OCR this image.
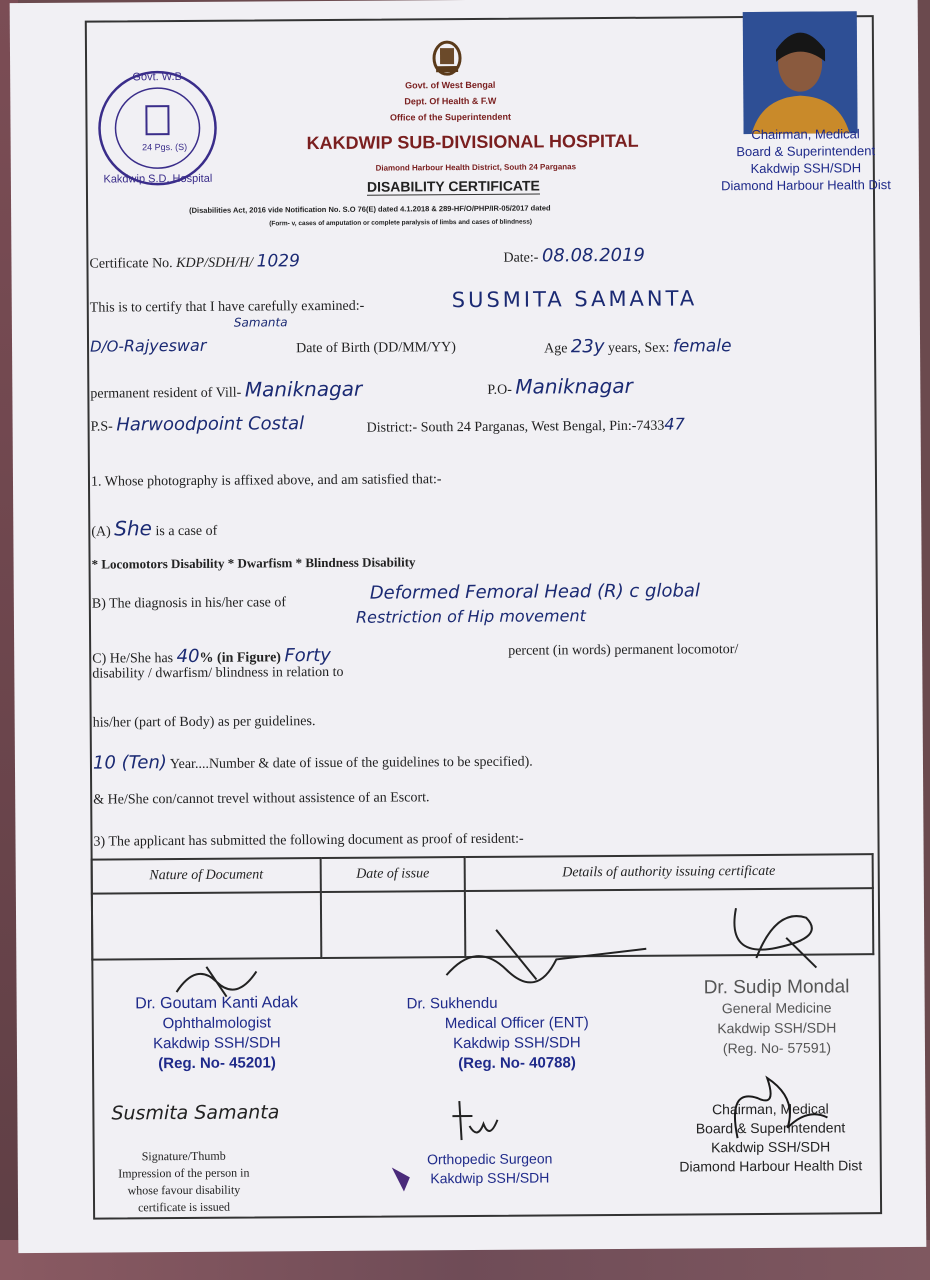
Govt. W.B
24 Pgs. (S)
Kakdwip S.D. Hospital
Govt. of West Bengal
Dept. Of Health & F.W
Office of the Superintendent
KAKDWIP SUB-DIVISIONAL HOSPITAL
Diamond Harbour Health District, South 24 Parganas
DISABILITY CERTIFICATE
(Disabilities Act, 2016 vide Notification No. S.O 76(E) dated 4.1.2018 & 289-HF/O/PHP/IR-05/2017 dated
(Form- v, cases of amputation or complete paralysis of limbs and cases of blindness)
Chairman, Medical
Board & Superintendent
Kakdwip SSH/SDH
Diamond Harbour Health Dist
Certificate No. KDP/SDH/H/ 1029	Date:- 08.08.2019
This is to certify that I have carefully examined:-	SUSMITA SAMANTA
Samanta
D/O-Rajyeswar	Date of Birth (DD/MM/YY)	Age 23y years, Sex: female
permanent resident of Vill- Maniknagar	P.O- Maniknagar
P.S- Harwoodpoint Costal	District:- South 24 Parganas, West Bengal, Pin:-743347
1. Whose photography is affixed above, and am satisfied that:-
(A) She is a case of
* Locomotors Disability * Dwarfism * Blindness Disability
B) The diagnosis in his/her case of	Deformed Femoral Head (R) c global
Restriction of Hip movement
C) He/She has 40% (in Figure) Forty	percent (in words) permanent locomotor/
disability / dwarfism/ blindness in relation to
his/her (part of Body) as per guidelines.
10 (Ten) Year....Number & date of issue of the guidelines to be specified).
& He/She con/cannot trevel without assistence of an Escort.
3) The applicant has submitted the following document as proof of resident:-
Nature of Document	Date of issue	Details of authority issuing certificate

Dr. Goutam Kanti Adak
Ophthalmologist
Kakdwip SSH/SDH
(Reg. No- 45201)
Dr. Sukhendu
Medical Officer (ENT)
Kakdwip SSH/SDH
(Reg. No- 40788)
Dr. Sudip Mondal
General Medicine
Kakdwip SSH/SDH
(Reg. No- 57591)
Susmita Samanta
Signature/Thumb
Impression of the person in
whose favour disability
certificate is issued
Orthopedic Surgeon
Kakdwip SSH/SDH
Chairman, Medical
Board & Superintendent
Kakdwip SSH/SDH
Diamond Harbour Health Dist
